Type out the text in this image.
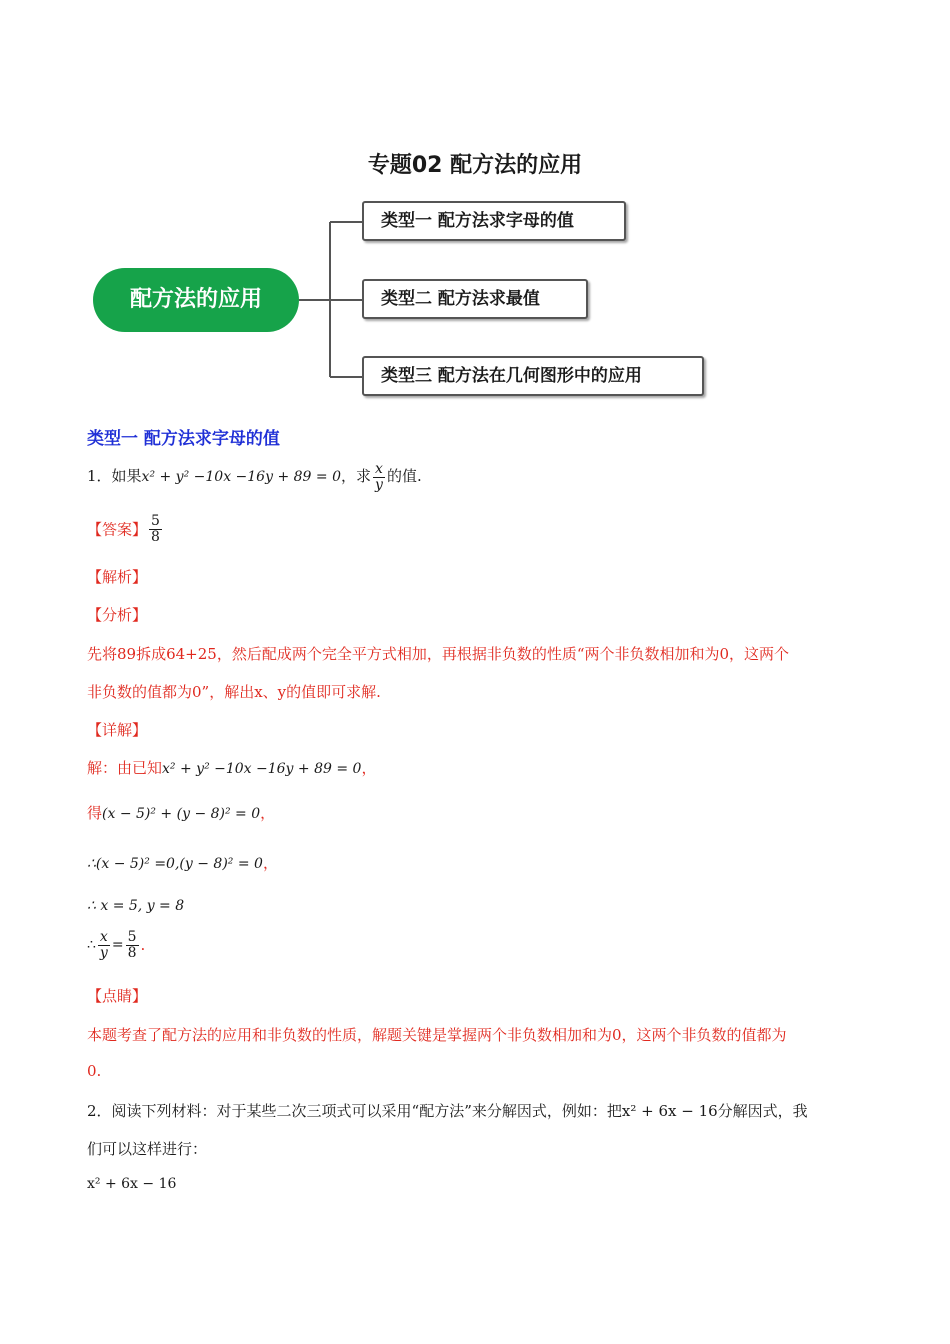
专题02 配方法的应用
配方法的应用
类型一 配方法求字母的值
类型二 配方法求最值
类型三 配方法在几何图形中的应用
类型一 配方法求字母的值
1．如果x² + y² −10x −16y + 89 = 0，求 $\frac{x}{y}$ 的值.
【答案】 $\frac{5}{8}$
【解析】
【分析】
先将89拆成64+25，然后配成两个完全平方式相加，再根据非负数的性质“两个非负数相加和为0，这两个
非负数的值都为0”，解出x、y的值即可求解.
【详解】
解：由已知x² + y² −10x −16y + 89 = 0，
得(x − 5)² + (y − 8)² = 0，
∴(x − 5)² =0,(y − 8)² = 0，
∴ x = 5, y = 8
∴ $\frac{x}{y} = \frac{5}{8}$ .
【点睛】
本题考查了配方法的应用和非负数的性质，解题关键是掌握两个非负数相加和为0，这两个非负数的值都为
0.
2．阅读下列材料：对于某些二次三项式可以采用“配方法”来分解因式，例如：把x² + 6x − 16分解因式，我
们可以这样进行：
x² + 6x − 16
